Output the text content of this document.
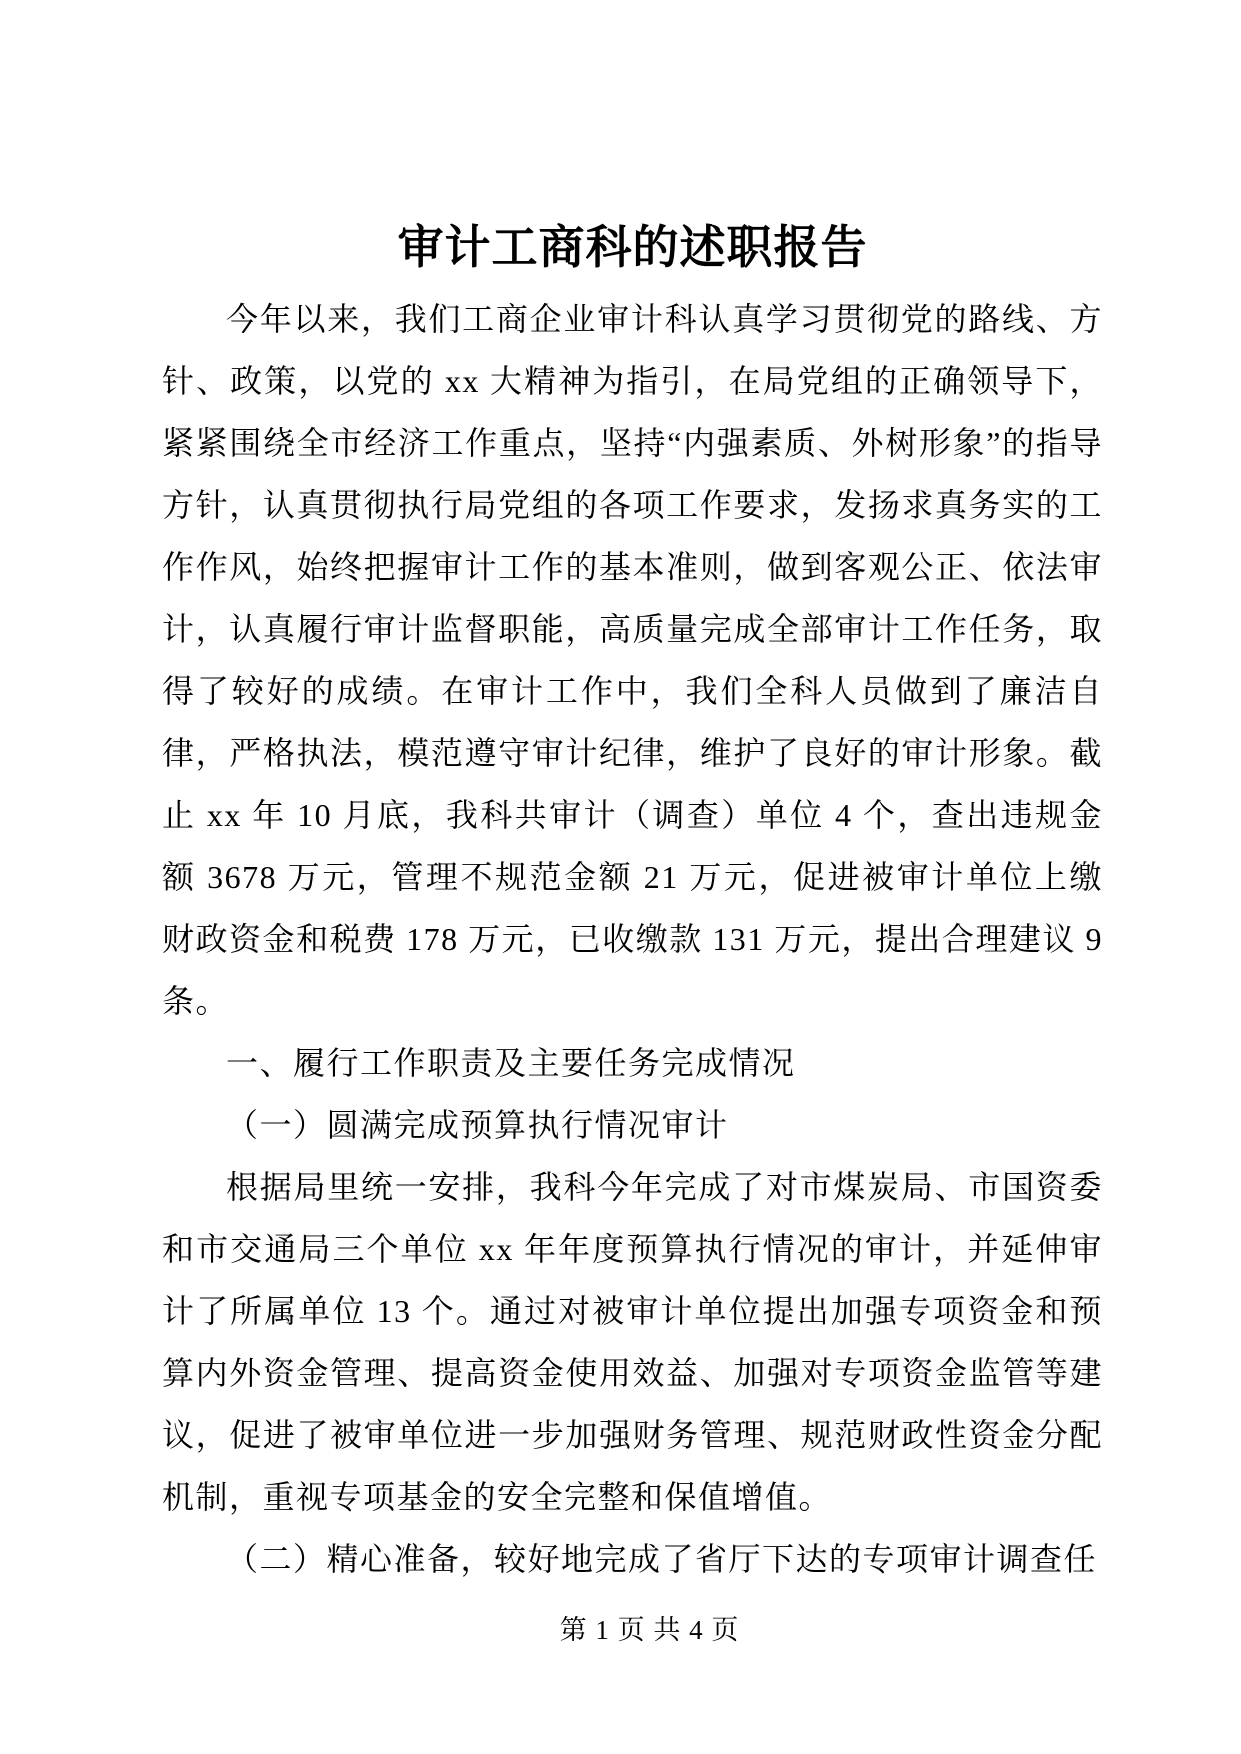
审计工商科的述职报告

今年以来，我们工商企业审计科认真学习贯彻党的路线、方针、政策，以党的 xx 大精神为指引，在局党组的正确领导下，紧紧围绕全市经济工作重点，坚持“内强素质、外树形象”的指导方针，认真贯彻执行局党组的各项工作要求，发扬求真务实的工作作风，始终把握审计工作的基本准则，做到客观公正、依法审计，认真履行审计监督职能，高质量完成全部审计工作任务，取得了较好的成绩。在审计工作中，我们全科人员做到了廉洁自律，严格执法，模范遵守审计纪律，维护了良好的审计形象。截止 xx 年 10 月底，我科共审计（调查）单位 4 个，查出违规金额 3678 万元，管理不规范金额 21 万元，促进被审计单位上缴财政资金和税费 178 万元，已收缴款 131 万元，提出合理建议 9 条。

一、履行工作职责及主要任务完成情况

（一）圆满完成预算执行情况审计

根据局里统一安排，我科今年完成了对市煤炭局、市国资委和市交通局三个单位 xx 年年度预算执行情况的审计，并延伸审计了所属单位 13 个。通过对被审计单位提出加强专项资金和预算内外资金管理、提高资金使用效益、加强对专项资金监管等建议，促进了被审单位进一步加强财务管理、规范财政性资金分配机制，重视专项基金的安全完整和保值增值。

（二）精心准备，较好地完成了省厅下达的专项审计调查任

第 1 页 共 4 页
